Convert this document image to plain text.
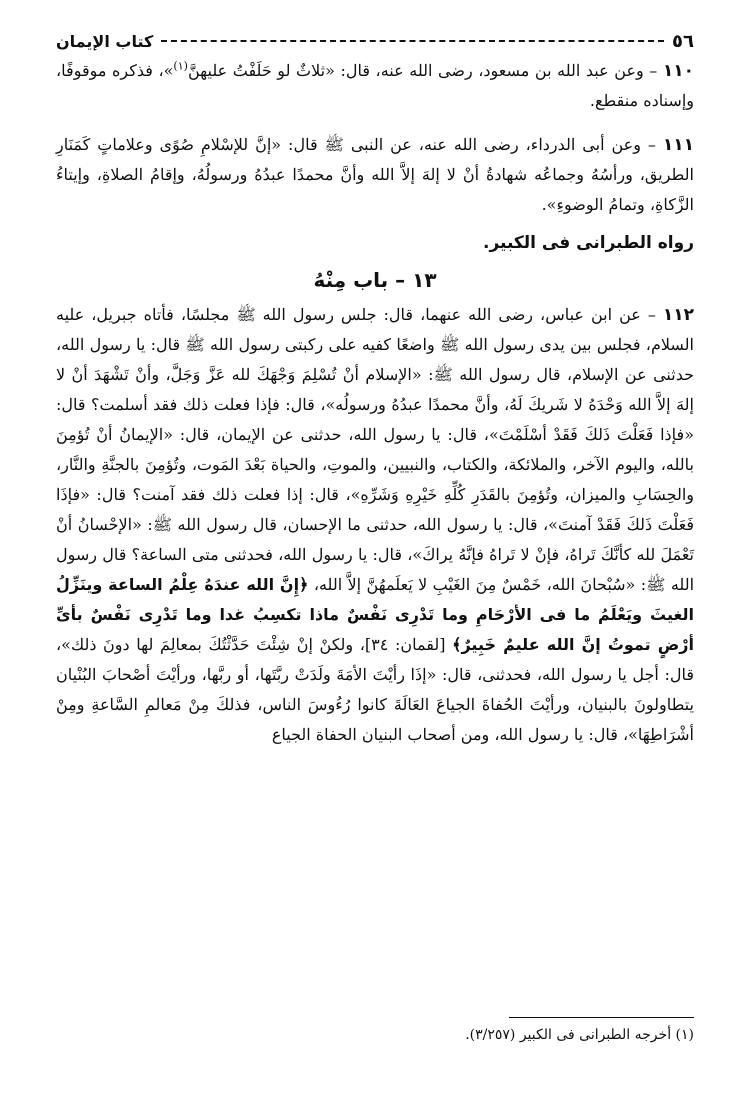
٥٦
كتاب الإيمان

١١٠ – وعن عبد الله بن مسعود، رضى الله عنه، قال: «ثلاثٌ لو حَلَفْتُ عليهنَّ$^{(١)}$»، فذكره موقوفًا، وإسناده منقطع.

١١١ – وعن أبى الدرداء، رضى الله عنه، عن النبى ﷺ قال: «إنَّ للإسْلامِ صُوًى وعلاماتٍ كَمَنَارِ الطريق، ورأسُهُ وجماعُه شهادةُ أنْ لا إلهَ إلاَّ الله وأنَّ محمدًا عبدُهُ ورسولُهُ، وإقامُ الصلاةِ، وإيتاءُ الزَّكاةِ، وتمامُ الوضوءِ».

رواه الطبرانى فى الكبير.

١٣ – باب مِنْهُ

١١٢ – عن ابن عباس، رضى الله عنهما، قال: جلس رسول الله ﷺ مجلسًا، فأتاه جبريل، عليه السلام، فجلس بين يدى رسول الله ﷺ واضعًا كفيه على ركبتى رسول الله ﷺ قال: يا رسول الله، حدثنى عن الإسلام، قال رسول الله ﷺ: «الإسلام أنْ تُسْلِمَ وَجْهَكَ لله عَزَّ وَجَلَّ، وأنْ تَشْهَدَ أنْ لا إلهَ إلاَّ الله وَحْدَهُ لا شَريكَ لَهُ، وأنَّ محمدًا عبدُهُ ورسولُه»، قال: فإذا فعلت ذلك فقد أسلمت؟ قال: «فإذا فَعَلْتَ ذَلكَ فَقَدْ أسْلَمْتَ»، قال: يا رسول الله، حدثنى عن الإيمان، قال: «الإيمانُ أنْ تُؤمِنَ بالله، واليوم الآخر، والملائكة، والكتاب، والنبيين، والموتِ، والحياة بَعْدَ المَوت، وتُؤمِنَ بالجنَّةِ والنَّار، والحِسَابِ والميزان، وتُؤمِنَ بالقَدَرِ كُلِّهِ خَيْرِهِ وَشَرِّهِ»، قال: إذا فعلت ذلك فقد آمنت؟ قال: «فإذَا فَعَلْتَ ذَلكَ فَقَدْ آمنتَ»، قال: يا رسول الله، حدثنى ما الإحسان، قال رسول الله ﷺ: «الإحْسانُ أنْ تَعْمَلَ لله كأنَّكَ تَراهُ، فإنْ لا تَراهُ فإنَّهُ يراكَ»، قال: يا رسول الله، فحدثنى متى الساعة؟ قال رسول الله ﷺ: «سُبْحانَ الله، خَمْسٌ مِنَ الغَيْبِ لا يَعلَمهُنَّ إلاَّ الله، ﴿إِنَّ الله عندَهُ عِلْمُ الساعة وينَزِّلُ الغيثَ ويَعْلَمُ ما فى الأرْحَامِ وما تَدْرِى نَفْسٌ ماذا تكسِبُ غدا وما تَدْرِى نَفْسٌ بأىِّ أرْضٍ تموتُ إنَّ الله عليمٌ خَبِيرٌ﴾ [لقمان: ٣٤]، ولكنْ إنْ شِئْتَ حَدَّثْتُكَ بمعالِمَ لها دونَ ذلك»، قال: أجل يا رسول الله، فحدثنى، قال: «إذَا رأيْتَ الأمَةَ ولَدَتْ ربَّتَها، أو ربَّها، ورأيْتَ أصْحابَ البُنْيان يتطاولونَ بالبنيان، ورأيْتَ الحُفاةَ الجياعَ العَالَةَ كانوا رُءُوسَ الناس، فذلكَ مِنْ مَعالمِ السَّاعةِ ومِنْ أشْرَاطِهَا»، قال: يا رسول الله، ومن أصحاب البنيان الحفاة الجياع

(١) أخرجه الطبرانى فى الكبير (٣/٢٥٧).
